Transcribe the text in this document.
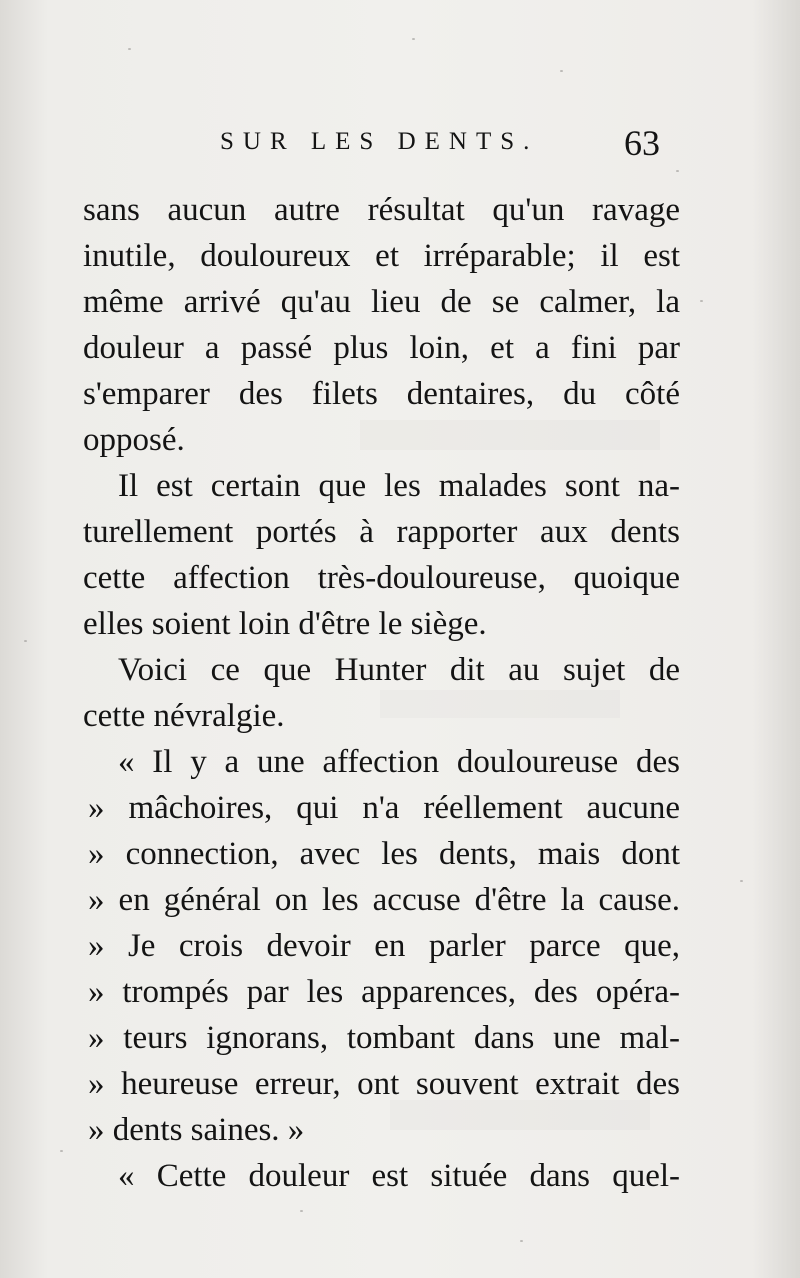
SUR LES DENTS. 63
sans aucun autre résultat qu'un ravage
inutile, douloureux et irréparable; il est
même arrivé qu'au lieu de se calmer, la
douleur a passé plus loin, et a fini par
s'emparer des filets dentaires, du côté
opposé.
Il est certain que les malades sont na-
turellement portés à rapporter aux dents
cette affection très-douloureuse, quoique
elles soient loin d'être le siège.
Voici ce que Hunter dit au sujet de
cette névralgie.
« Il y a une affection douloureuse des
» mâchoires, qui n'a réellement aucune
» connection, avec les dents, mais dont
» en général on les accuse d'être la cause.
» Je crois devoir en parler parce que,
» trompés par les apparences, des opéra-
» teurs ignorans, tombant dans une mal-
» heureuse erreur, ont souvent extrait des
» dents saines. »
« Cette douleur est située dans quel-
